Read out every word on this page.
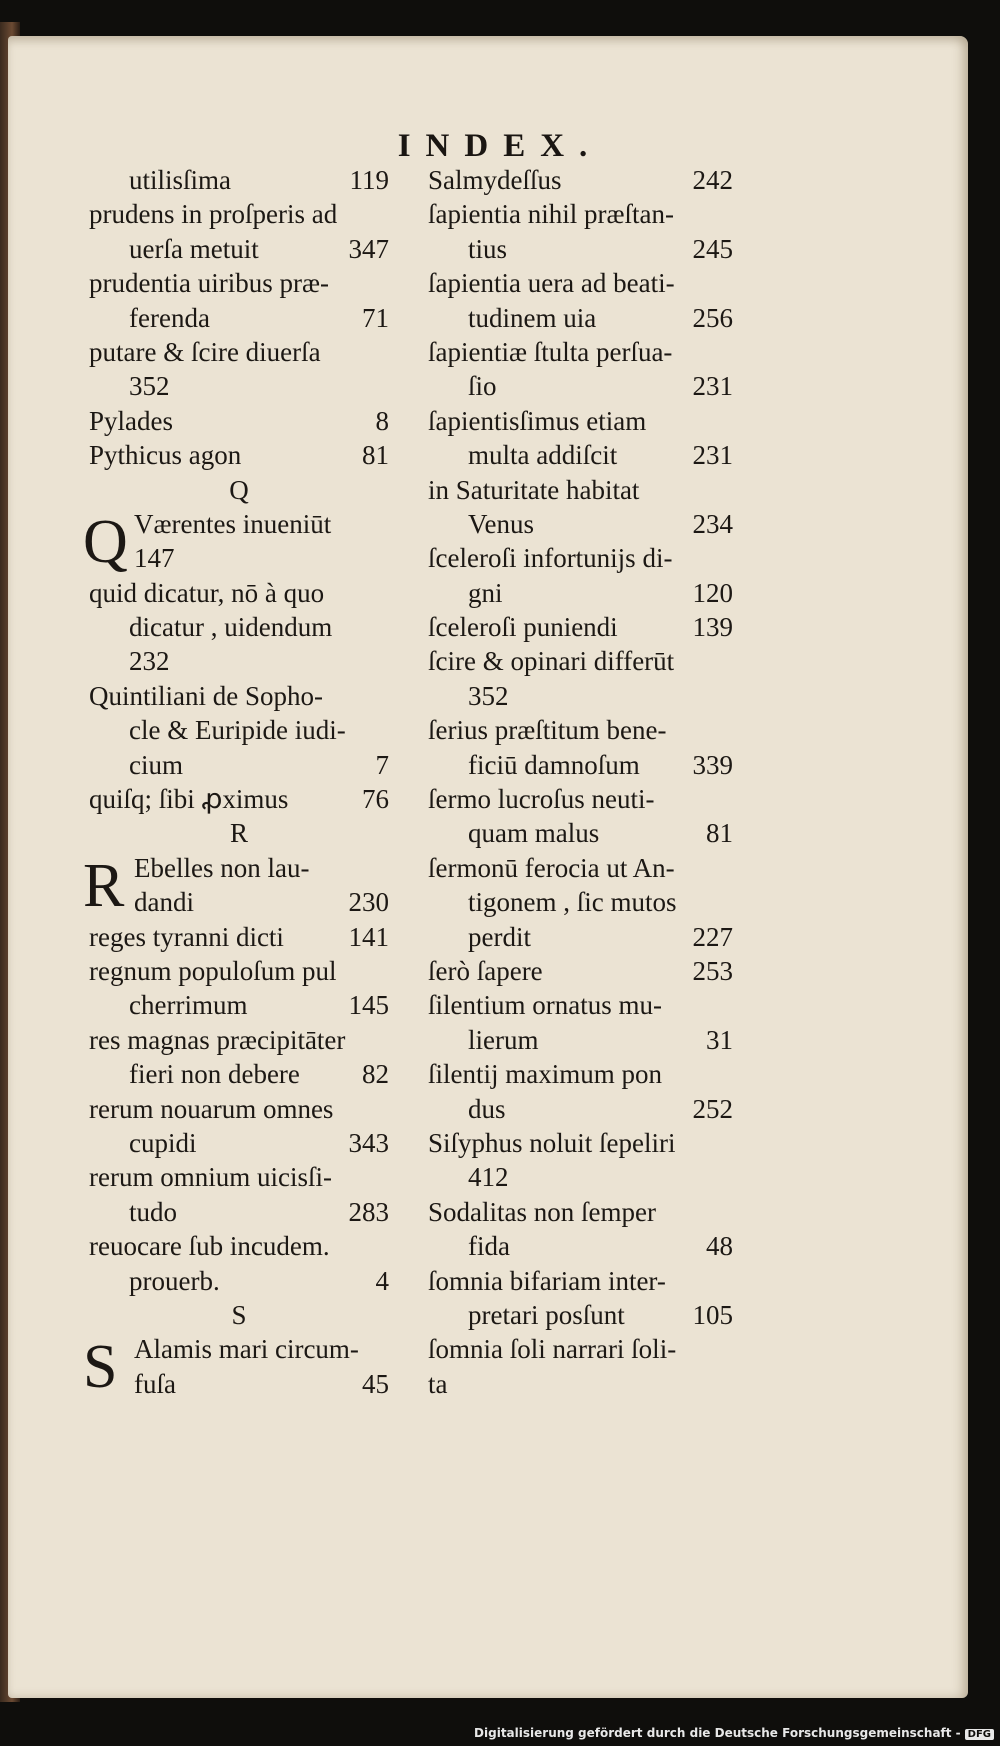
INDEX.
utilisſima	119
prudens in proſperis ad
uerſa metuit	347
prudentia uiribus præ-
ferenda	71
putare & ſcire diuerſa
352
Pylades	8
Pythicus agon	81
Q
Q Værentes inueniūt
147
quid dicatur, nō à quo
dicatur , uidendum
232
Quintiliani de Sopho-
cle & Euripide iudi-
cium	7
quiſq; ſibi ꝓximus	76
R
R Ebelles non lau-
dandi	230
reges tyranni dicti 141
regnum populoſum pul
cherrimum	145
res magnas præcipitāter
fieri non debere 82
rerum nouarum omnes
cupidi	343
rerum omnium uicisſi-
tudo	283
reuocare ſub incudem.
prouerb.	4
S
S Alamis mari circum-
fuſa	45
Salmydeſſus	242
ſapientia nihil præſtan-
tius	245
ſapientia uera ad beati-
tudinem uia	256
ſapientiæ ſtulta perſua-
ſio	231
ſapientisſimus etiam
multa addiſcit	231
in Saturitate habitat
Venus	234
ſceleroſi infortunijs di-
gni	120
ſceleroſi puniendi	139
ſcire & opinari differūt
352
ſerius præſtitum bene-
ficiū damnoſum 339
ſermo lucroſus neuti-
quam malus	81
ſermonū ferocia ut An-
tigonem , ſic mutos
perdit	227
ſerò ſapere	253
ſilentium ornatus mu-
lierum	31
ſilentij maximum pon
dus	252
Siſyphus noluit ſepeliri
412
Sodalitas non ſemper
fida	48
ſomnia bifariam inter-
pretari posſunt	105
ſomnia ſoli narrari ſoli-
ta
Digitalisierung gefördert durch die Deutsche Forschungsgemeinschaft - DFG
